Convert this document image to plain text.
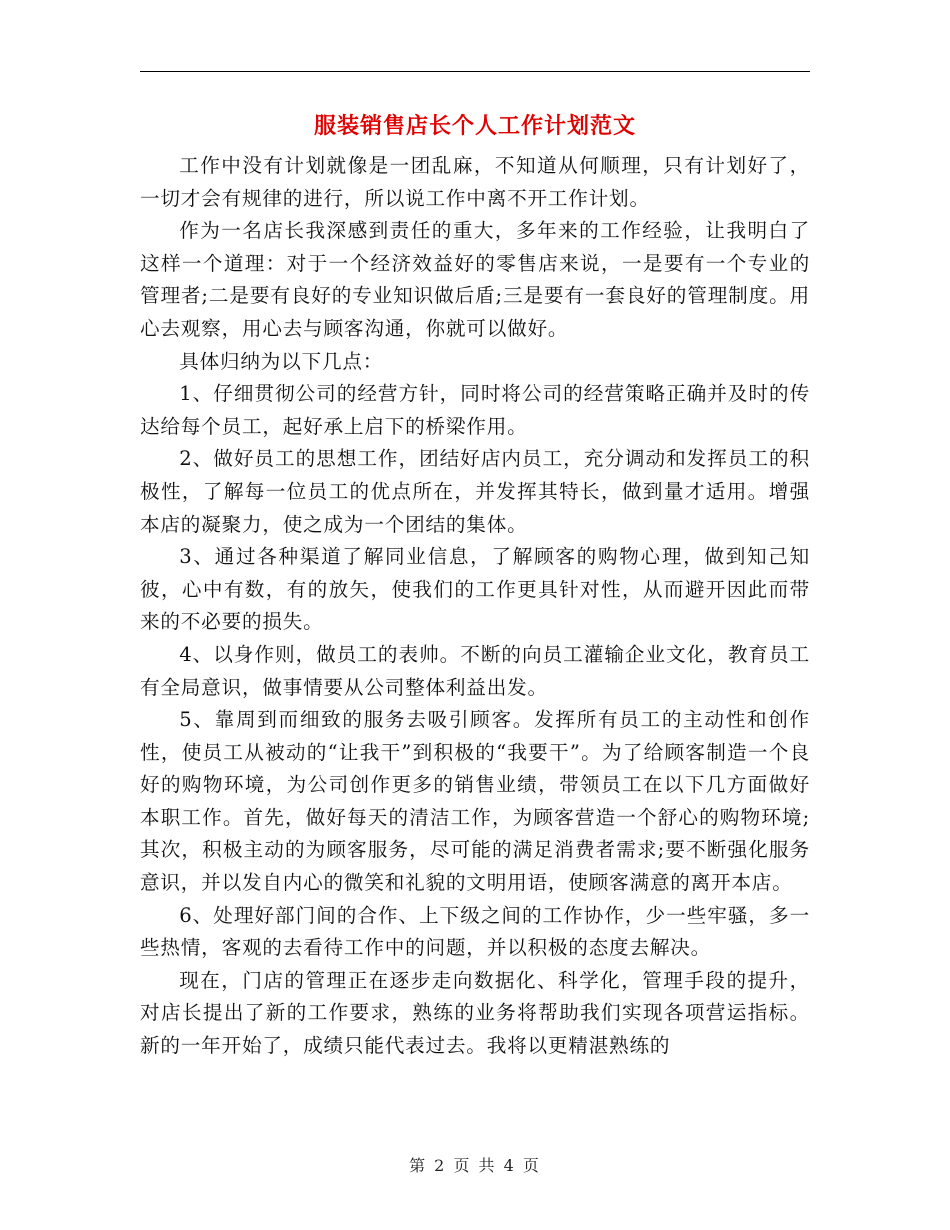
服装销售店长个人工作计划范文

工作中没有计划就像是一团乱麻，不知道从何顺理，只有计划好了，一切才会有规律的进行，所以说工作中离不开工作计划。

作为一名店长我深感到责任的重大，多年来的工作经验，让我明白了这样一个道理：对于一个经济效益好的零售店来说，一是要有一个专业的管理者;二是要有良好的专业知识做后盾;三是要有一套良好的管理制度。用心去观察，用心去与顾客沟通，你就可以做好。

具体归纳为以下几点：

1、仔细贯彻公司的经营方针，同时将公司的经营策略正确并及时的传达给每个员工，起好承上启下的桥梁作用。

2、做好员工的思想工作，团结好店内员工，充分调动和发挥员工的积极性，了解每一位员工的优点所在，并发挥其特长，做到量才适用。增强本店的凝聚力，使之成为一个团结的集体。

3、通过各种渠道了解同业信息，了解顾客的购物心理，做到知己知彼，心中有数，有的放矢，使我们的工作更具针对性，从而避开因此而带来的不必要的损失。

4、以身作则，做员工的表帅。不断的向员工灌输企业文化，教育员工有全局意识，做事情要从公司整体利益出发。

5、靠周到而细致的服务去吸引顾客。发挥所有员工的主动性和创作性，使员工从被动的“让我干”到积极的“我要干”。为了给顾客制造一个良好的购物环境，为公司创作更多的销售业绩，带领员工在以下几方面做好本职工作。首先，做好每天的清洁工作，为顾客营造一个舒心的购物环境;其次，积极主动的为顾客服务，尽可能的满足消费者需求;要不断强化服务意识，并以发自内心的微笑和礼貌的文明用语，使顾客满意的离开本店。

6、处理好部门间的合作、上下级之间的工作协作，少一些牢骚，多一些热情，客观的去看待工作中的问题，并以积极的态度去解决。

现在，门店的管理正在逐步走向数据化、科学化，管理手段的提升，对店长提出了新的工作要求，熟练的业务将帮助我们实现各项营运指标。新的一年开始了，成绩只能代表过去。我将以更精湛熟练的

第 2 页 共 4 页
